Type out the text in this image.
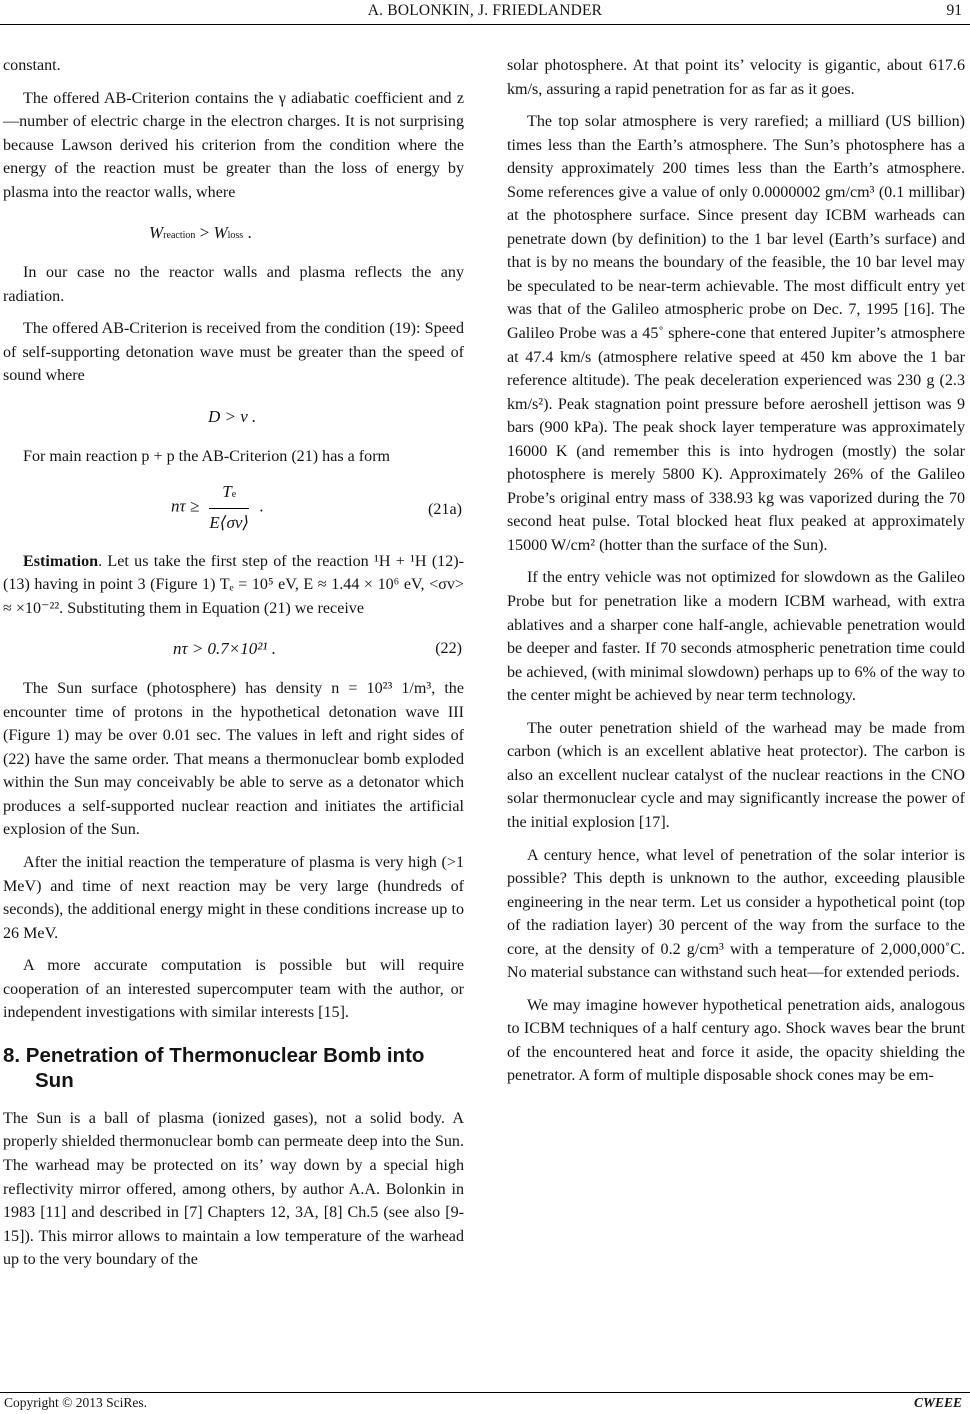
A. BOLONKIN, J. FRIEDLANDER	91

constant.

The offered AB-Criterion contains the γ adiabatic coefficient and z—number of electric charge in the electron charges. It is not surprising because Lawson derived his criterion from the condition where the energy of the reaction must be greater than the loss of energy by plasma into the reactor walls, where

Wreaction > Wloss .

In our case no the reactor walls and plasma reflects the any radiation.

The offered AB-Criterion is received from the condition (19): Speed of self-supporting detonation wave must be greater than the speed of sound where

D > v .

For main reaction p + p the AB-Criterion (21) has a form

$n\tau \ge \frac{Te}{E⟨\sigma v⟩}$ .	(21a)

Estimation. Let us take the first step of the reaction ¹H + ¹H (12)-(13) having in point 3 (Figure 1) Tₑ = 10⁵ eV, E ≈ 1.44 × 10⁶ eV, <σv> ≈ ×10⁻²². Substituting them in Equation (21) we receive

nτ > 0.7×10²¹ .	(22)

The Sun surface (photosphere) has density n = 10²³ 1/m³, the encounter time of protons in the hypothetical detonation wave III (Figure 1) may be over 0.01 sec. The values in left and right sides of (22) have the same order. That means a thermonuclear bomb exploded within the Sun may conceivably be able to serve as a detonator which produces a self-supported nuclear reaction and initiates the artificial explosion of the Sun.

After the initial reaction the temperature of plasma is very high (>1 MeV) and time of next reaction may be very large (hundreds of seconds), the additional energy might in these conditions increase up to 26 MeV.

A more accurate computation is possible but will require cooperation of an interested supercomputer team with the author, or independent investigations with similar interests [15].

8. Penetration of Thermonuclear Bomb into
Sun

The Sun is a ball of plasma (ionized gases), not a solid body. A properly shielded thermonuclear bomb can permeate deep into the Sun. The warhead may be protected on its’ way down by a special high reflectivity mirror offered, among others, by author A.A. Bolonkin in 1983 [11] and described in [7] Chapters 12, 3A, [8] Ch.5 (see also [9-15]). This mirror allows to maintain a low temperature of the warhead up to the very boundary of the

solar photosphere. At that point its’ velocity is gigantic, about 617.6 km/s, assuring a rapid penetration for as far as it goes.

The top solar atmosphere is very rarefied; a milliard (US billion) times less than the Earth’s atmosphere. The Sun’s photosphere has a density approximately 200 times less than the Earth’s atmosphere. Some references give a value of only 0.0000002 gm/cm³ (0.1 millibar) at the photosphere surface. Since present day ICBM warheads can penetrate down (by definition) to the 1 bar level (Earth’s surface) and that is by no means the boundary of the feasible, the 10 bar level may be speculated to be near-term achievable. The most difficult entry yet was that of the Galileo atmospheric probe on Dec. 7, 1995 [16]. The Galileo Probe was a 45˚ sphere-cone that entered Jupiter’s atmosphere at 47.4 km/s (atmosphere relative speed at 450 km above the 1 bar reference altitude). The peak deceleration experienced was 230 g (2.3 km/s²). Peak stagnation point pressure before aeroshell jettison was 9 bars (900 kPa). The peak shock layer temperature was approximately 16000 K (and remember this is into hydrogen (mostly) the solar photosphere is merely 5800 K). Approximately 26% of the Galileo Probe’s original entry mass of 338.93 kg was vaporized during the 70 second heat pulse. Total blocked heat flux peaked at approximately 15000 W/cm² (hotter than the surface of the Sun).

If the entry vehicle was not optimized for slowdown as the Galileo Probe but for penetration like a modern ICBM warhead, with extra ablatives and a sharper cone half-angle, achievable penetration would be deeper and faster. If 70 seconds atmospheric penetration time could be achieved, (with minimal slowdown) perhaps up to 6% of the way to the center might be achieved by near term technology.

The outer penetration shield of the warhead may be made from carbon (which is an excellent ablative heat protector). The carbon is also an excellent nuclear catalyst of the nuclear reactions in the CNO solar thermonuclear cycle and may significantly increase the power of the initial explosion [17].

A century hence, what level of penetration of the solar interior is possible? This depth is unknown to the author, exceeding plausible engineering in the near term. Let us consider a hypothetical point (top of the radiation layer) 30 percent of the way from the surface to the core, at the density of 0.2 g/cm³ with a temperature of 2,000,000˚C. No material substance can withstand such heat—for extended periods.

We may imagine however hypothetical penetration aids, analogous to ICBM techniques of a half century ago. Shock waves bear the brunt of the encountered heat and force it aside, the opacity shielding the penetrator. A form of multiple disposable shock cones may be em-

Copyright © 2013 SciRes.	CWEEE
